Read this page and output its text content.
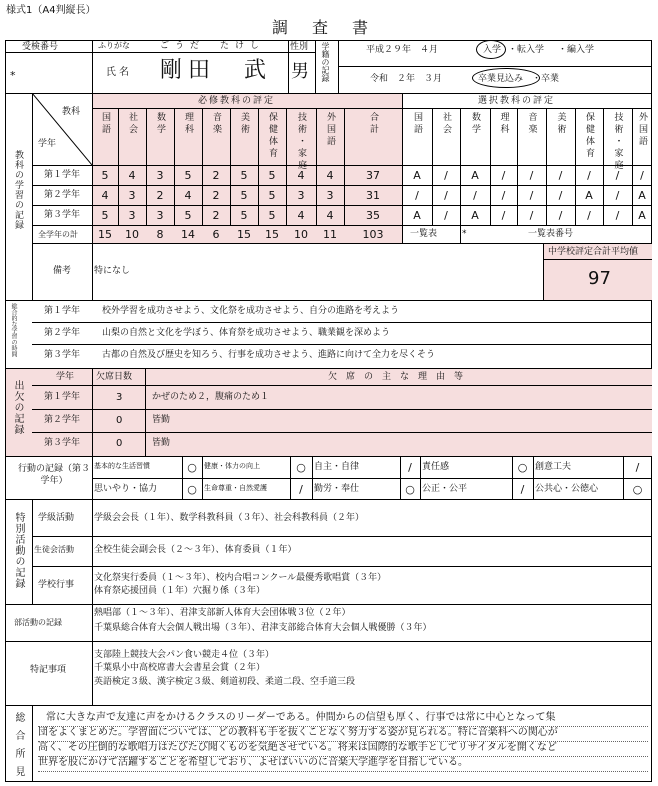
様式1（A4判縦長）
調　査　書
受検番号
*
ふりがな	ごうだ　たけし
氏名 剛田　武
性別
男 学籍の記録	平成２９年　４月	入学 ・転入学 ・編入学
令和　２年　３月	卒業見込み ・卒業
教科の学習の記録
教科
学年
必修教科の評定	選択教科の評定
国語 社会 数学 理科 音楽 美術 保健体育 技術・家庭 外国語	合計	国語 社会 数学 理科 音楽 美術 保健体育 技術・家庭 外国語
第１学年	5	4	3	5	2	5	5	4	4	37	A	/	A	/	/	/	/	/	/
第２学年	4	3	2	4	2	5	5	3	3	31	/	/	/	/	/	/	A	/	A
第３学年	5	3	3	5	2	5	5	4	4	35	A	/	A	/	/	/	/	/	A
全学年の計	15	10	8	14	6	15	15	10	11	103	一覧表	*	一覧表番号
中学校評定合計平均値
97
備考	特になし
総合的な学習の時間	第１学年 校外学習を成功させよう、文化祭を成功させよう、自分の進路を考えよう
第２学年 山梨の自然と文化を学ぼう、体育祭を成功させよう、職業観を深めよう
第３学年 古都の自然及び歴史を知ろう、行事を成功させよう、進路に向けて全力を尽くそう
出欠の記録
学年 欠席日数	欠　席　の　主　な　理　由　等
第１学年	3	かぜのため２，腹痛のため１
第２学年	0	皆勤
第３学年	0	皆勤
行動の記録（第３学年）
基本的な生活習慣	○	健康・体力の向上	○ 自主・自律	/	責任感	○ 創意工夫	/
思いやり・協力	○	生命尊重・自然愛護	/	勤労・奉仕	○ 公正・公平	/	公共心・公徳心	○
特別活動の記録 学級活動 学級会会長（１年）、数学科教科員（３年）、社会科教科員（２年）
生徒会活動 全校生徒会副会長（２～３年）、体育委員（１年）
学校行事
文化祭実行委員（１～３年）、校内合唱コンクール最優秀歌唱賞（３年）
体育祭応援団員（１年）穴掘り係（３年）
部活動の記録
熱唱部（１～３年）、君津支部新人体育大会団体戦３位（２年）
千葉県総合体育大会個人戦出場（３年）、君津支部総合体育大会個人戦優勝（３年）
特記事項
支部陸上競技大会パン食い競走４位（３年）
千葉県小中高校席書大会書星会賞（２年）
英語検定３級、漢字検定３級、剣道初段、柔道二段、空手道三段
総合所見 常に大きな声で友達に声をかけるクラスのリーダーである。仲間からの信望も厚く、行事では常に中心となって集
団をよくまとめた。学習面については、どの教科も手を抜くことなく努力する姿が見られる。特に音楽科への関心が
高く、その圧倒的な歌唱力はたびたび聞くものを気絶させている。将来は国際的な歌手としてリサイタルを開くなど
世界を股にかけて活躍することを希望しており、よせばいいのに音楽大学進学を目指している。
